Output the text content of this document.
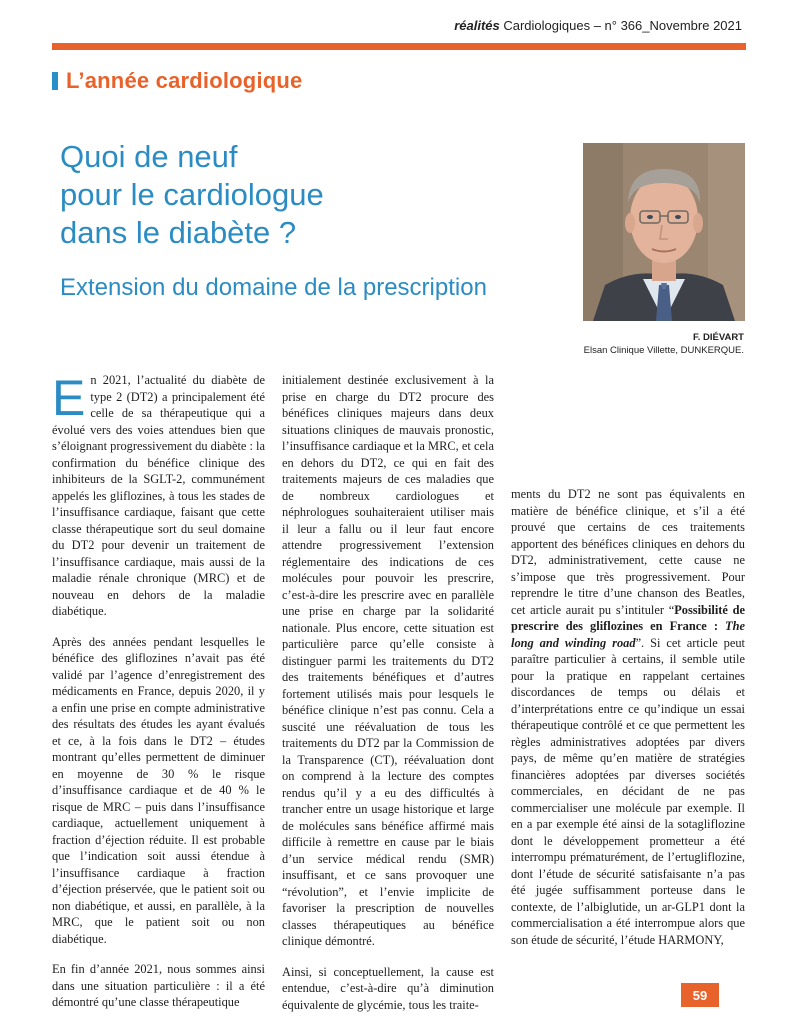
réalités Cardiologiques – n° 366_Novembre 2021
L’année cardiologique
Quoi de neuf
pour le cardiologue
dans le diabète ?
Extension du domaine de la prescription
F. DIÉVART
Elsan Clinique Villette, DUNKERQUE.

En 2021, l’actualité du diabète de type 2 (DT2) a principalement été celle de sa thérapeutique qui a évolué vers des voies attendues bien que s’éloignant progressivement du diabète : la confirmation du bénéfice clinique des inhibiteurs de la SGLT-2, communément appelés les gliflozines, à tous les stades de l’insuffisance cardiaque, faisant que cette classe thérapeutique sort du seul domaine du DT2 pour devenir un traitement de l’insuffisance cardiaque, mais aussi de la maladie rénale chronique (MRC) et de nouveau en dehors de la maladie diabétique.

Après des années pendant lesquelles le bénéfice des gliflozines n’avait pas été validé par l’agence d’enregistrement des médicaments en France, depuis 2020, il y a enfin une prise en compte administrative des résultats des études les ayant évalués et ce, à la fois dans le DT2 – études montrant qu’elles permettent de diminuer en moyenne de 30 % le risque d’insuffisance cardiaque et de 40 % le risque de MRC – puis dans l’insuffisance cardiaque, actuellement uniquement à fraction d’éjection réduite. Il est probable que l’indication soit aussi étendue à l’insuffisance cardiaque à fraction d’éjection préservée, que le patient soit ou non diabétique, et aussi, en parallèle, à la MRC, que le patient soit ou non diabétique.

En fin d’année 2021, nous sommes ainsi dans une situation particulière : il a été démontré qu’une classe thérapeutique

initialement destinée exclusivement à la prise en charge du DT2 procure des bénéfices cliniques majeurs dans deux situations cliniques de mauvais pronostic, l’insuffisance cardiaque et la MRC, et cela en dehors du DT2, ce qui en fait des traitements majeurs de ces maladies que de nombreux cardiologues et néphrologues souhaiteraient utiliser mais il leur a fallu ou il leur faut encore attendre progressivement l’extension réglementaire des indications de ces molécules pour pouvoir les prescrire, c’est-à-dire les prescrire avec en parallèle une prise en charge par la solidarité nationale. Plus encore, cette situation est particulière parce qu’elle consiste à distinguer parmi les traitements du DT2 des traitements bénéfiques et d’autres fortement utilisés mais pour lesquels le bénéfice clinique n’est pas connu. Cela a suscité une réévaluation de tous les traitements du DT2 par la Commission de la Transparence (CT), réévaluation dont on comprend à la lecture des comptes rendus qu’il y a eu des difficultés à trancher entre un usage historique et large de molécules sans bénéfice affirmé mais difficile à remettre en cause par le biais d’un service médical rendu (SMR) insuffisant, et ce sans provoquer une “révolution”, et l’envie implicite de favoriser la prescription de nouvelles classes thérapeutiques au bénéfice clinique démontré.

Ainsi, si conceptuellement, la cause est entendue, c’est-à-dire qu’à diminution équivalente de glycémie, tous les traite-

ments du DT2 ne sont pas équivalents en matière de bénéfice clinique, et s’il a été prouvé que certains de ces traitements apportent des bénéfices cliniques en dehors du DT2, administrativement, cette cause ne s’impose que très progressivement. Pour reprendre le titre d’une chanson des Beatles, cet article aurait pu s’intituler “Possibilité de prescrire des gliflozines en France : The long and winding road”. Si cet article peut paraître particulier à certains, il semble utile pour la pratique en rappelant certaines discordances de temps ou délais et d’interprétations entre ce qu’indique un essai thérapeutique contrôlé et ce que permettent les règles administratives adoptées par divers pays, de même qu’en matière de stratégies financières adoptées par diverses sociétés commerciales, en décidant de ne pas commercialiser une molécule par exemple. Il en a par exemple été ainsi de la sotagliflozine dont le développement prometteur a été interrompu prématurément, de l’ertugliflozine, dont l’étude de sécurité satisfaisante n’a pas été jugée suffisamment porteuse dans le contexte, de l’albiglutide, un ar-GLP1 dont la commercialisation a été interrompue alors que son étude de sécurité, l’étude HARMONY,

59
